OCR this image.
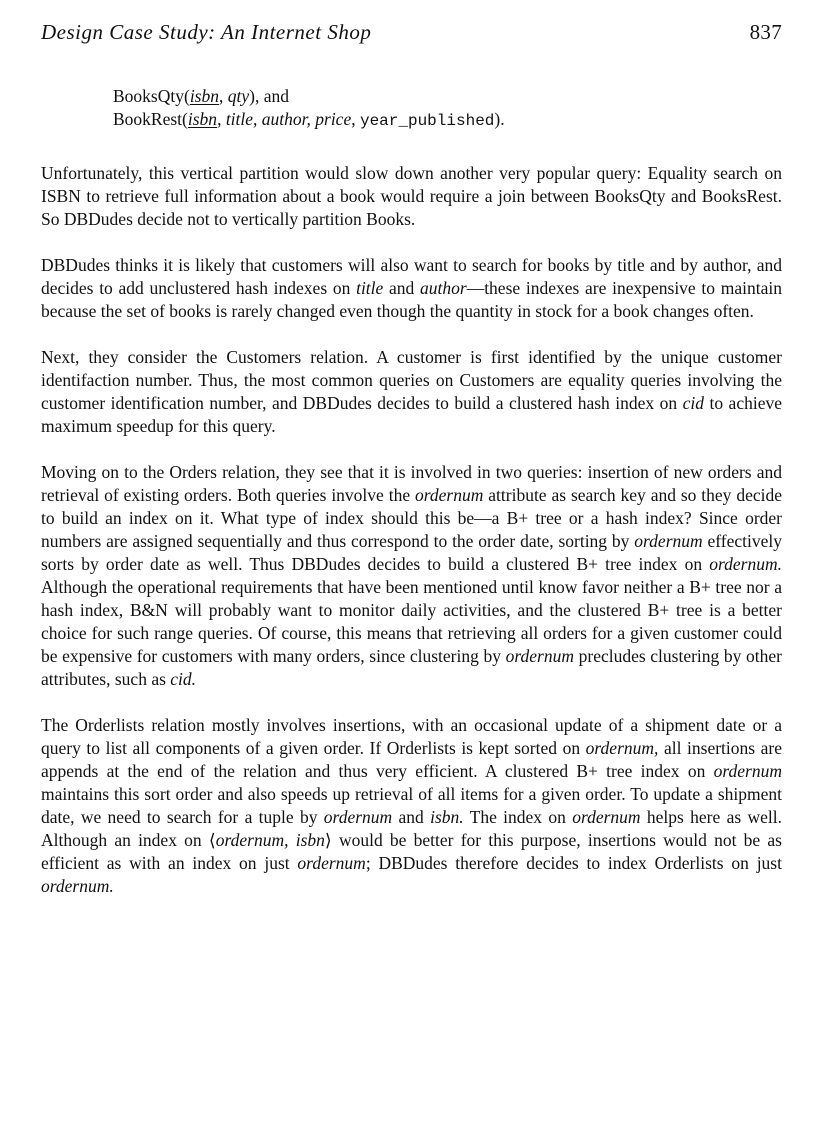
Design Case Study: An Internet Shop	837
BooksQty(isbn, qty), and
BookRest(isbn, title, author, price, year_published).

Unfortunately, this vertical partition would slow down another very popular query: Equality search on ISBN to retrieve full information about a book would require a join between BooksQty and BooksRest. So DBDudes decide not to vertically partition Books.

DBDudes thinks it is likely that customers will also want to search for books by title and by author, and decides to add unclustered hash indexes on title and author—these indexes are inexpensive to maintain because the set of books is rarely changed even though the quantity in stock for a book changes often.

Next, they consider the Customers relation. A customer is first identified by the unique customer identifaction number. Thus, the most common queries on Customers are equality queries involving the customer identification number, and DBDudes decides to build a clustered hash index on cid to achieve maximum speedup for this query.

Moving on to the Orders relation, they see that it is involved in two queries: insertion of new orders and retrieval of existing orders. Both queries involve the ordernum attribute as search key and so they decide to build an index on it. What type of index should this be—a B+ tree or a hash index? Since order numbers are assigned sequentially and thus correspond to the order date, sorting by ordernum effectively sorts by order date as well. Thus DBDudes decides to build a clustered B+ tree index on ordernum. Although the operational requirements that have been mentioned until know favor neither a B+ tree nor a hash index, B&N will probably want to monitor daily activities, and the clustered B+ tree is a better choice for such range queries. Of course, this means that retrieving all orders for a given customer could be expensive for customers with many orders, since clustering by ordernum precludes clustering by other attributes, such as cid.

The Orderlists relation mostly involves insertions, with an occasional update of a shipment date or a query to list all components of a given order. If Orderlists is kept sorted on ordernum, all insertions are appends at the end of the relation and thus very efficient. A clustered B+ tree index on ordernum maintains this sort order and also speeds up retrieval of all items for a given order. To update a shipment date, we need to search for a tuple by ordernum and isbn. The index on ordernum helps here as well. Although an index on ⟨ordernum, isbn⟩ would be better for this purpose, insertions would not be as efficient as with an index on just ordernum; DBDudes therefore decides to index Orderlists on just ordernum.
